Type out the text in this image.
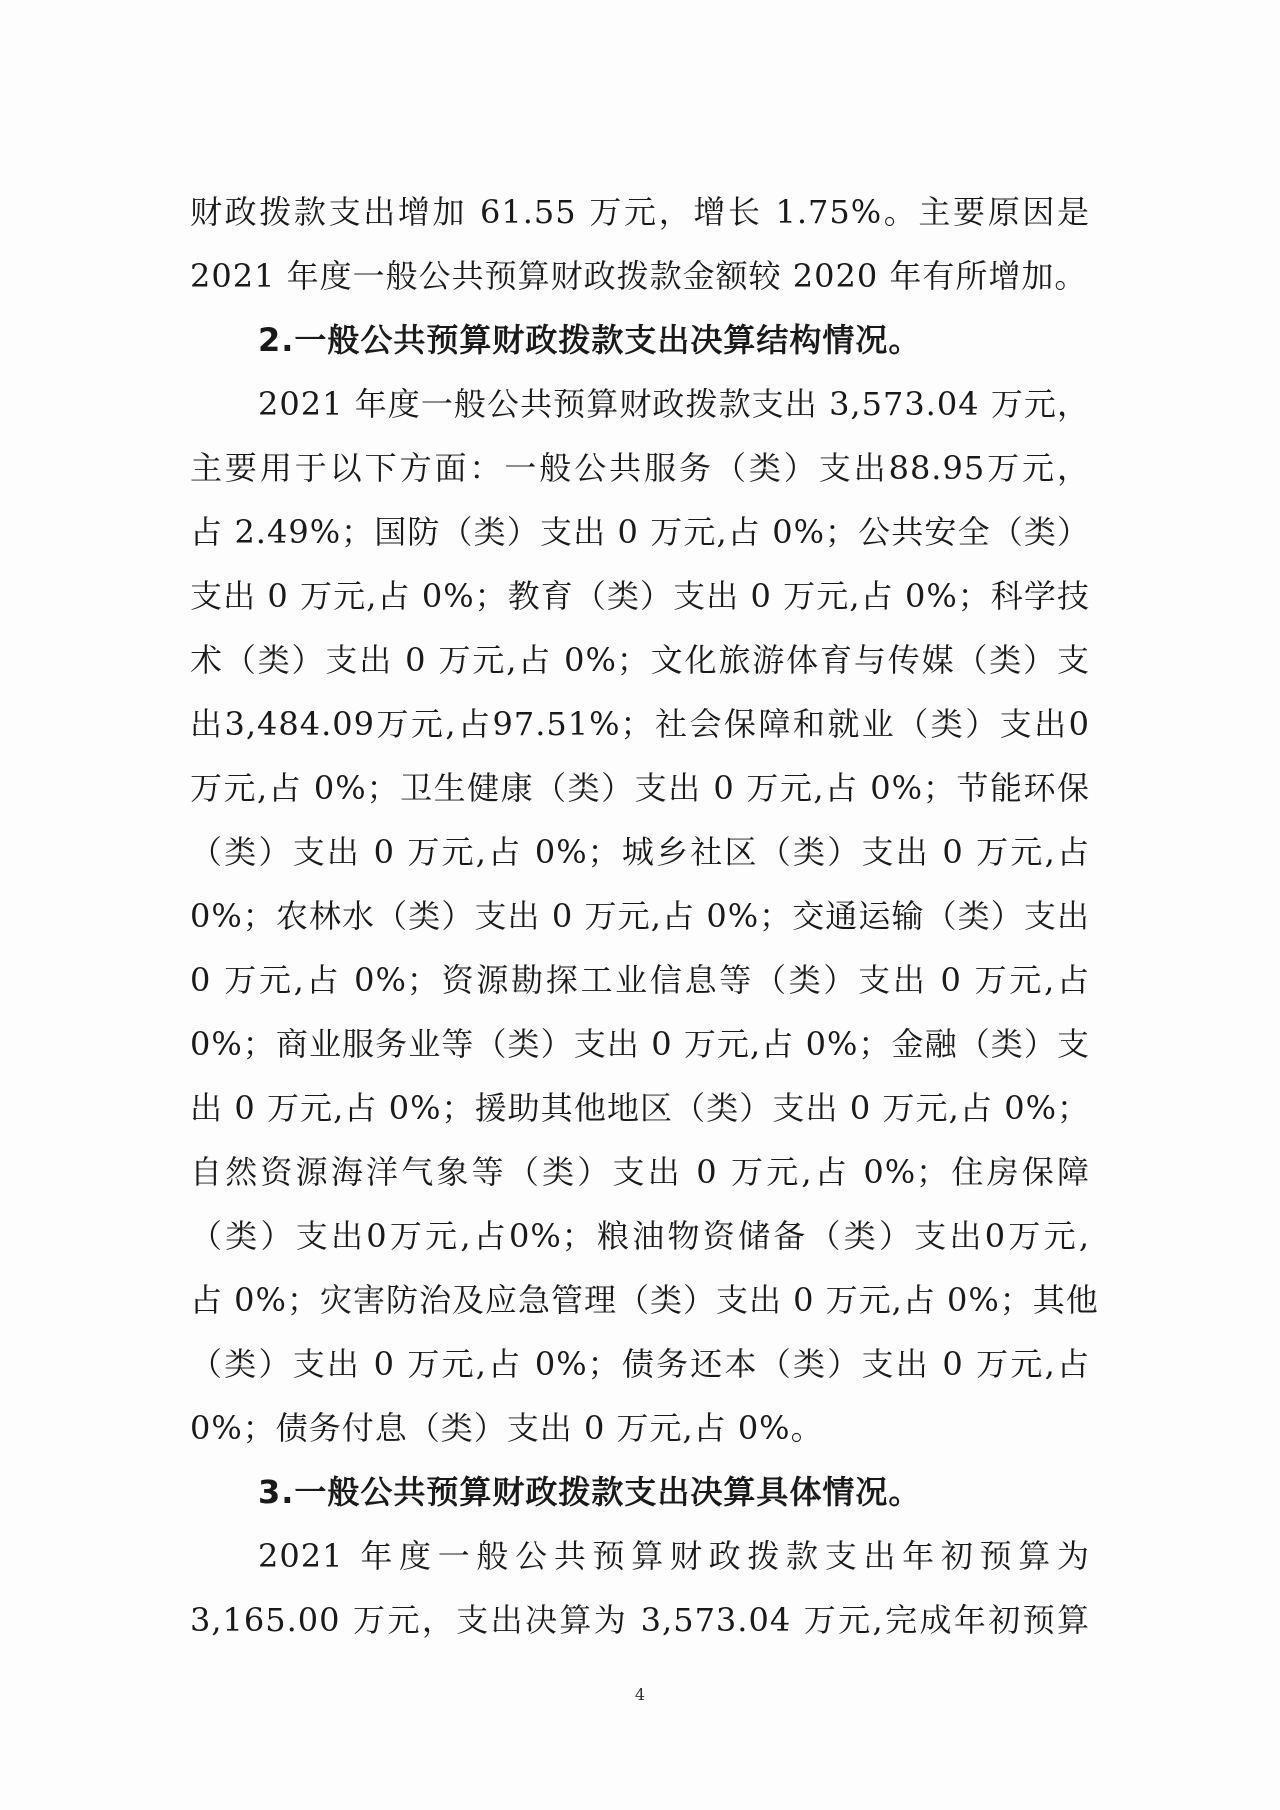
财政拨款支出增加 61.55 万元，增长 1.75%。主要原因是
2021 年度一般公共预算财政拨款金额较 2020 年有所增加。
2.一般公共预算财政拨款支出决算结构情况。
2021 年度一般公共预算财政拨款支出 3,573.04 万元，
主要用于以下方面：一般公共服务（类）支出88.95万元，
占 2.49%；国防（类）支出 0 万元,占 0%；公共安全（类）
支出 0 万元,占 0%；教育（类）支出 0 万元,占 0%；科学技
术（类）支出 0 万元,占 0%；文化旅游体育与传媒（类）支
出3,484.09万元,占97.51%；社会保障和就业（类）支出0
万元,占 0%；卫生健康（类）支出 0 万元,占 0%；节能环保
（类）支出 0 万元,占 0%；城乡社区（类）支出 0 万元,占
0%；农林水（类）支出 0 万元,占 0%；交通运输（类）支出
0 万元,占 0%；资源勘探工业信息等（类）支出 0 万元,占
0%；商业服务业等（类）支出 0 万元,占 0%；金融（类）支
出 0 万元,占 0%；援助其他地区（类）支出 0 万元,占 0%；
自然资源海洋气象等（类）支出 0 万元,占 0%；住房保障
（类）支出0万元,占0%；粮油物资储备（类）支出0万元,
占 0%；灾害防治及应急管理（类）支出 0 万元,占 0%；其他
（类）支出 0 万元,占 0%；债务还本（类）支出 0 万元,占
0%；债务付息（类）支出 0 万元,占 0%。
3.一般公共预算财政拨款支出决算具体情况。
2021 年度一般公共预算财政拨款支出年初预算为
3,165.00 万元，支出决算为 3,573.04 万元,完成年初预算
4
